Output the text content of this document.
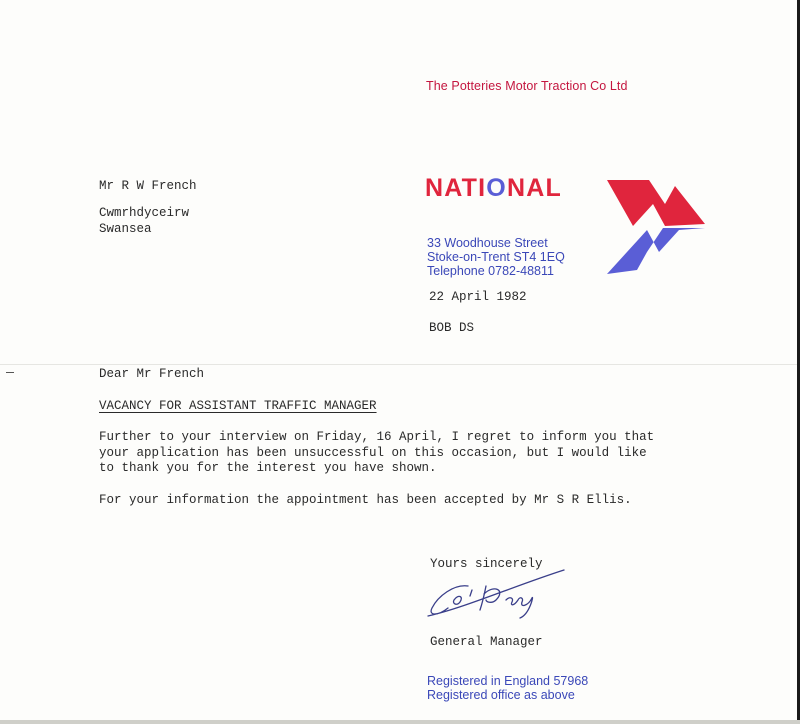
The Potteries Motor Traction Co Ltd
NATIONAL
33 Woodhouse Street
Stoke-on-Trent ST4 1EQ
Telephone 0782-48811
Mr R W French
Cwmrhdyceirw
Swansea
22 April 1982
BOB DS
Dear Mr French
VACANCY FOR ASSISTANT TRAFFIC MANAGER
Further to your interview on Friday, 16 April, I regret to inform you that
your application has been unsuccessful on this occasion, but I would like
to thank you for the interest you have shown.
For your information the appointment has been accepted by Mr S R Ellis.
Yours sincerely
General Manager
Registered in England 57968
Registered office as above
